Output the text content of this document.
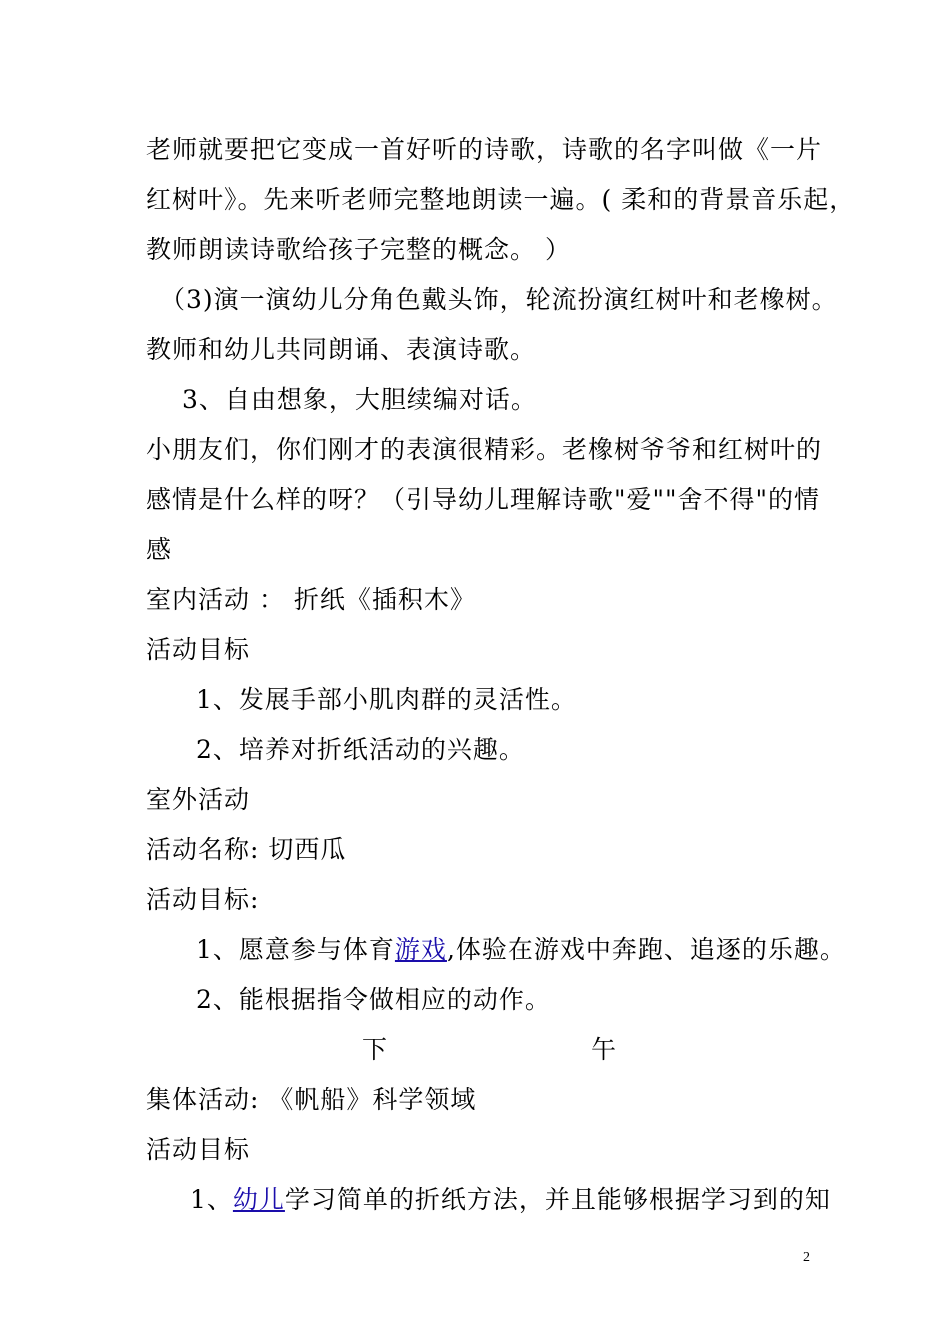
老师就要把它变成一首好听的诗歌，诗歌的名字叫做《一片
红树叶》。先来听老师完整地朗读一遍。( 柔和的背景音乐起，
教师朗读诗歌给孩子完整的概念。 ）
（3)演一演幼儿分角色戴头饰，轮流扮演红树叶和老橡树。
教师和幼儿共同朗诵、表演诗歌。
3、自由想象，大胆续编对话。
小朋友们，你们刚才的表演很精彩。老橡树爷爷和红树叶的
感情是什么样的呀？（引导幼儿理解诗歌"爱""舍不得"的情
感
室内活动 ： 折纸《插积木》
活动目标
1、发展手部小肌肉群的灵活性。
2、培养对折纸活动的兴趣。
室外活动
活动名称: 切西瓜
活动目标:
1、愿意参与体育游戏,体验在游戏中奔跑、追逐的乐趣。
2、能根据指令做相应的动作。
下	午
集体活动: 《帆船》科学领域
活动目标
1、幼儿学习简单的折纸方法，并且能够根据学习到的知
2
